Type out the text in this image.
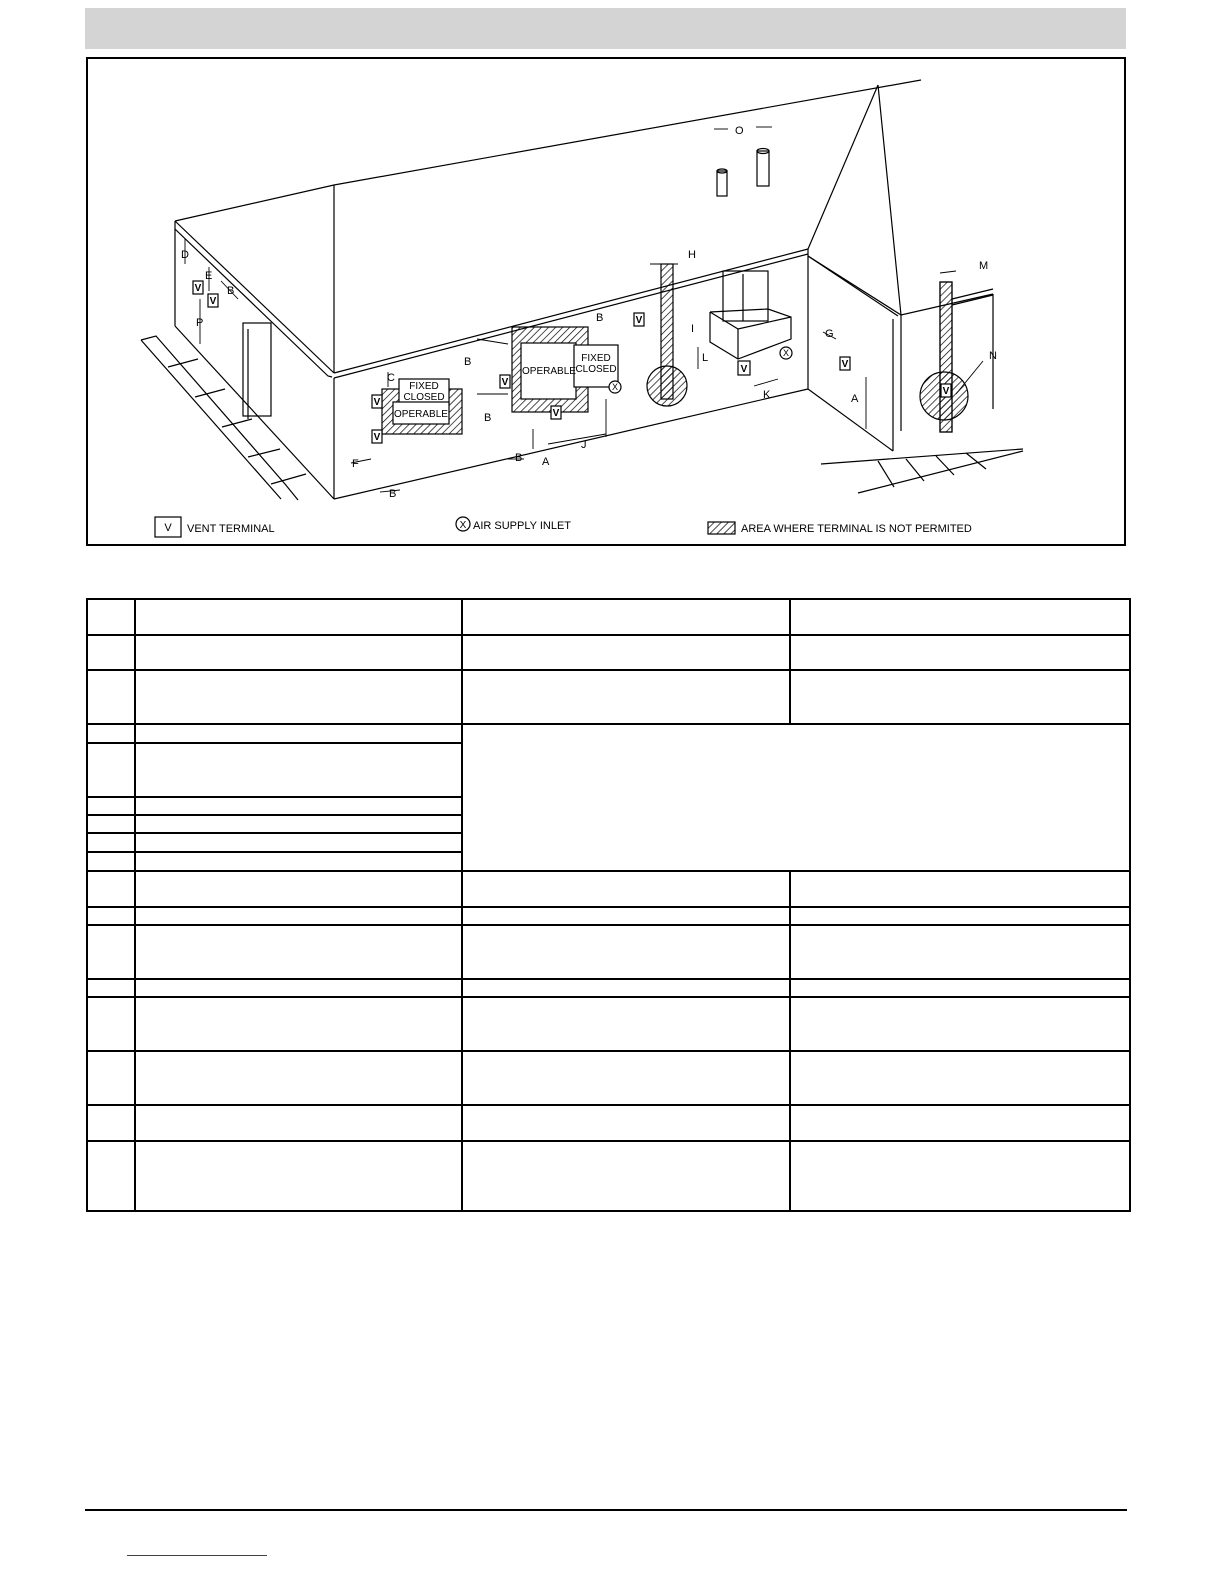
FIXED
CLOSED
OPERABLE
OPERABLE
FIXED
CLOSED
V
V
V
V
V
V
V
V	V
V
X
X
D
E
P
B
C
F
B
B
B
B A
J
B
H
I
O
L
K
G
A
M
N
V VENT TERMINAL	X AIR SUPPLY INLET	AREA WHERE TERMINAL IS NOT PERMITED
